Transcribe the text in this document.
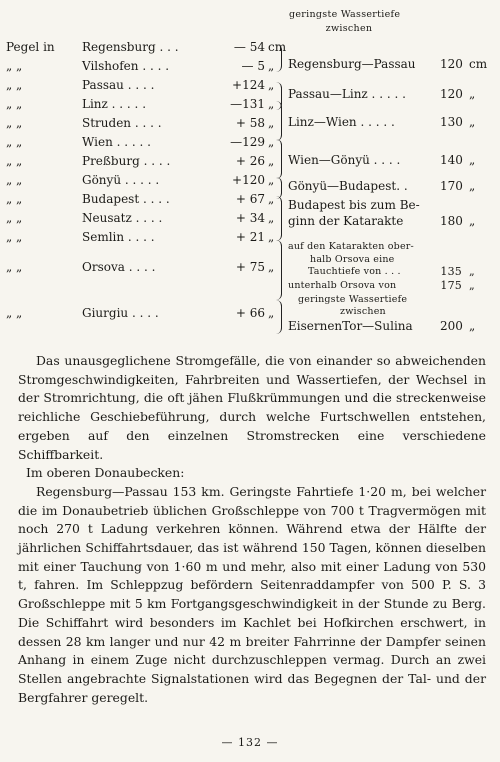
geringste Wassertiefe
zwischen
Pegel in	Regensburg . . .	— 54 cm
„ „	Vilshofen . . . .	— 5 „
„ „	Passau . . . .	+124 „
„ „	Linz . . . . .	—131 „
„ „	Struden . . . .	+ 58 „
„ „	Wien . . . . .	—129 „
„ „	Preßburg . . . .	+ 26 „
„ „	Gönyü . . . . .	+120 „
„ „	Budapest . . . .	+ 67 „
„ „	Neusatz . . . .	+ 34 „
„ „	Semlin . . . .	+ 21 „
„ „	Orsova . . . .	+ 75 „
„ „	Giurgiu . . . .	+ 66 „
Regensburg—Passau 120 cm
Passau—Linz . . . . .	120 „
Linz—Wien . . . . .	130 „
Wien—Gönyü . . . .	140 „
Gönyü—Budapest. .	170 „
Budapest bis zum Be-
ginn der Katarakte	180 „
auf den Katarakten ober-
halb Orsova eine
Tauchtiefe von . . .	135 „
unterhalb Orsova von	175 „
geringste Wassertiefe
zwischen
EisernenTor—Sulina 200 „

Das unausgeglichene Stromgefälle, die von einander so abweichenden Stromgeschwindigkeiten, Fahrbreiten und Wassertiefen, der Wechsel in der Stromrichtung, die oft jähen Flußkrümmungen und die streckenweise reichliche Geschiebeführung, durch welche Furtschwellen entstehen, ergeben auf den einzelnen Stromstrecken eine verschiedene Schiffbarkeit.

Im oberen Donaubecken:

Regensburg—Passau 153 km. Geringste Fahrtiefe 1·20 m, bei welcher die im Donaubetrieb üblichen Großschleppe von 700 t Tragvermögen mit noch 270 t Ladung verkehren können. Während etwa der Hälfte der jährlichen Schiffahrtsdauer, das ist während 150 Tagen, können dieselben mit einer Tauchung von 1·60 m und mehr, also mit einer Ladung von 530 t, fahren. Im Schleppzug befördern Seitenraddampfer von 500 P. S. 3 Großschleppe mit 5 km Fortgangsgeschwindigkeit in der Stunde zu Berg. Die Schiffahrt wird besonders im Kachlet bei Hofkirchen erschwert, in dessen 28 km langer und nur 42 m breiter Fahrrinne der Dampfer seinen Anhang in einem Zuge nicht durchzuschleppen vermag. Durch an zwei Stellen angebrachte Signalstationen wird das Begegnen der Tal- und der Bergfahrer geregelt.

— 132 —
